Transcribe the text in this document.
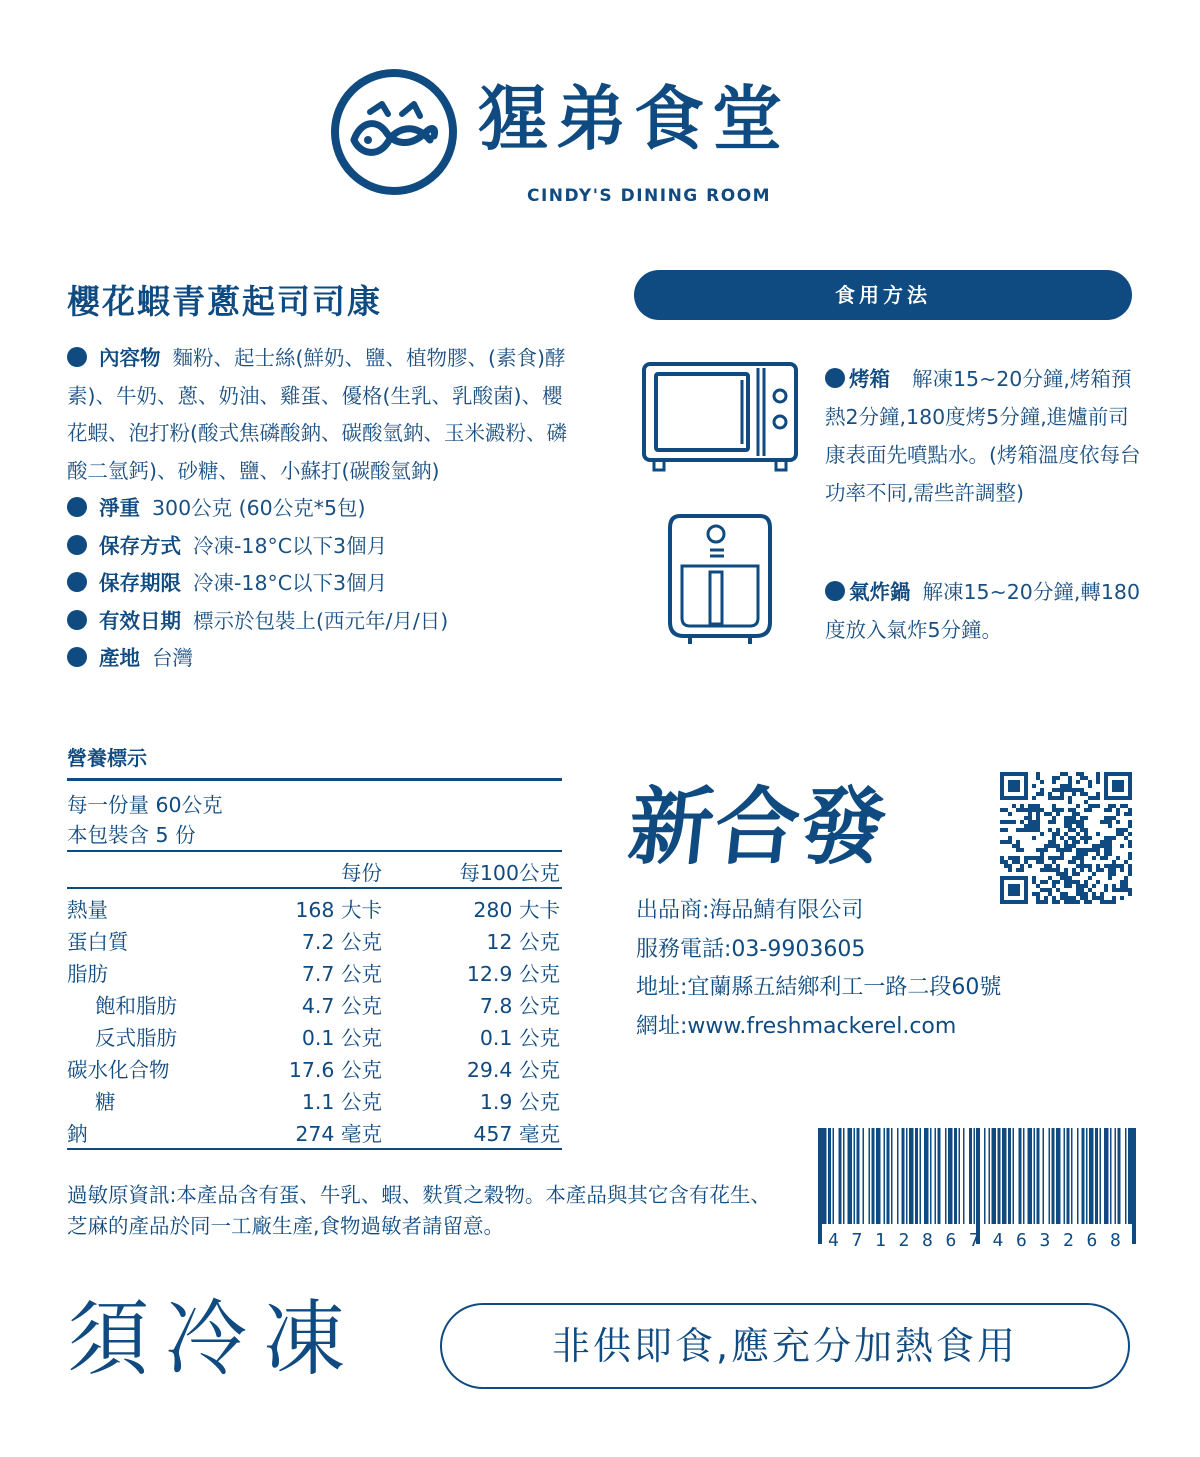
猩弟食堂
CINDY'S DINING ROOM
櫻花蝦青蔥起司司康
內容物 麵粉、起士絲(鮮奶、鹽、植物膠、(素食)酵素)、牛奶、蔥、奶油、雞蛋、優格(生乳、乳酸菌)、櫻花蝦、泡打粉(酸式焦磷酸鈉、碳酸氫鈉、玉米澱粉、磷酸二氫鈣)、砂糖、鹽、小蘇打(碳酸氫鈉)
淨重 300公克 (60公克*5包)
保存方式 冷凍-18°C以下3個月
保存期限 冷凍-18°C以下3個月
有效日期 標示於包裝上(西元年/月/日)
產地 台灣
營養標示
每一份量 60公克
本包裝含 5 份
每份	每100公克
熱量	168 大卡	280 大卡
蛋白質	7.2 公克	12 公克
脂肪	7.7 公克	12.9 公克
飽和脂肪	4.7 公克	7.8 公克
反式脂肪	0.1 公克	0.1 公克
碳水化合物	17.6 公克	29.4 公克
糖	1.1 公克	1.9 公克
鈉	274 毫克	457 毫克
過敏原資訊:本產品含有蛋、牛乳、蝦、麩質之穀物。本產品與其它含有花生、芝麻的產品於同一工廠生產,食物過敏者請留意。
食用方法
烤箱 解凍15~20分鐘,烤箱預熱2分鐘,180度烤5分鐘,進爐前司康表面先噴點水。(烤箱溫度依每台功率不同,需些許調整)
氣炸鍋 解凍15~20分鐘,轉180度放入氣炸5分鐘。
新合發
出品商:海品鯖有限公司
服務電話:03-9903605
地址:宜蘭縣五結鄉利工一路二段60號
網址:www.freshmackerel.com
4 7 1 2 8 6 7 4 6 3 2 6 8
須冷凍	非供即食,應充分加熱食用
